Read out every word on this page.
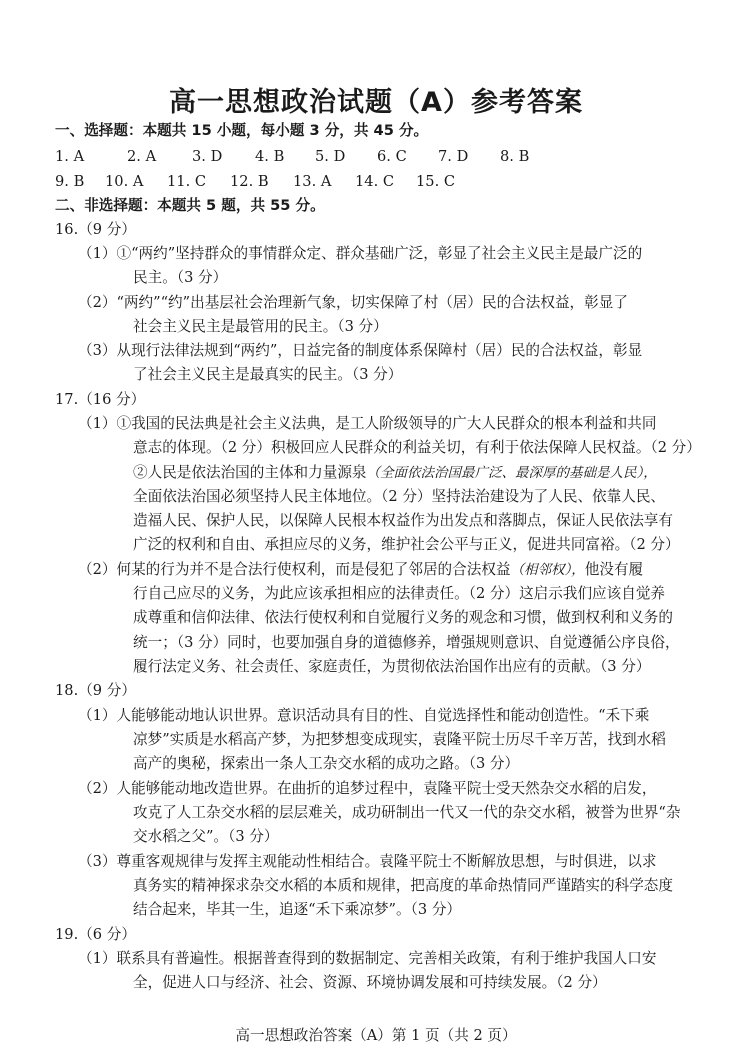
高一思想政治试题（A）参考答案
一、选择题：本题共 15 小题，每小题 3 分，共 45 分。
1. A	2. A 3. D 4. B 5. D 6. C 7. D 8. B
9. B 10. A 11. C 12. B 13. A 14. C 15. C
二、非选择题：本题共 5 题，共 55 分。
16.（9 分）
（1）①“两约”坚持群众的事情群众定、群众基础广泛，彰显了社会主义民主是最广泛的
民主。（3 分）
（2）“两约”“约”出基层社会治理新气象，切实保障了村（居）民的合法权益，彰显了
社会主义民主是最管用的民主。（3 分）
（3）从现行法律法规到“两约”，日益完备的制度体系保障村（居）民的合法权益，彰显
了社会主义民主是最真实的民主。（3 分）
17.（16 分）
（1）①我国的民法典是社会主义法典，是工人阶级领导的广大人民群众的根本利益和共同
意志的体现。（2 分）积极回应人民群众的利益关切，有利于依法保障人民权益。（2 分）
②人民是依法治国的主体和力量源泉（全面依法治国最广泛、最深厚的基础是人民），
全面依法治国必须坚持人民主体地位。（2 分）坚持法治建设为了人民、依靠人民、
造福人民、保护人民，以保障人民根本权益作为出发点和落脚点，保证人民依法享有
广泛的权利和自由、承担应尽的义务，维护社会公平与正义，促进共同富裕。（2 分）
（2）何某的行为并不是合法行使权利，而是侵犯了邻居的合法权益（相邻权），他没有履
行自己应尽的义务，为此应该承担相应的法律责任。（2 分）这启示我们应该自觉养
成尊重和信仰法律、依法行使权利和自觉履行义务的观念和习惯，做到权利和义务的
统一；（3 分）同时，也要加强自身的道德修养，增强规则意识、自觉遵循公序良俗，
履行法定义务、社会责任、家庭责任，为贯彻依法治国作出应有的贡献。（3 分）
18.（9 分）
（1）人能够能动地认识世界。意识活动具有目的性、自觉选择性和能动创造性。“禾下乘
凉梦”实质是水稻高产梦，为把梦想变成现实，袁隆平院士历尽千辛万苦，找到水稻
高产的奥秘，探索出一条人工杂交水稻的成功之路。（3 分）
（2）人能够能动地改造世界。在曲折的追梦过程中，袁隆平院士受天然杂交水稻的启发，
攻克了人工杂交水稻的层层难关，成功研制出一代又一代的杂交水稻，被誉为世界“杂
交水稻之父”。（3 分）
（3）尊重客观规律与发挥主观能动性相结合。袁隆平院士不断解放思想，与时俱进，以求
真务实的精神探求杂交水稻的本质和规律，把高度的革命热情同严谨踏实的科学态度
结合起来，毕其一生，追逐“禾下乘凉梦”。（3 分）
19.（6 分）
（1）联系具有普遍性。根据普查得到的数据制定、完善相关政策，有利于维护我国人口安
全，促进人口与经济、社会、资源、环境协调发展和可持续发展。（2 分）
高一思想政治答案（A）第 1 页（共 2 页）
